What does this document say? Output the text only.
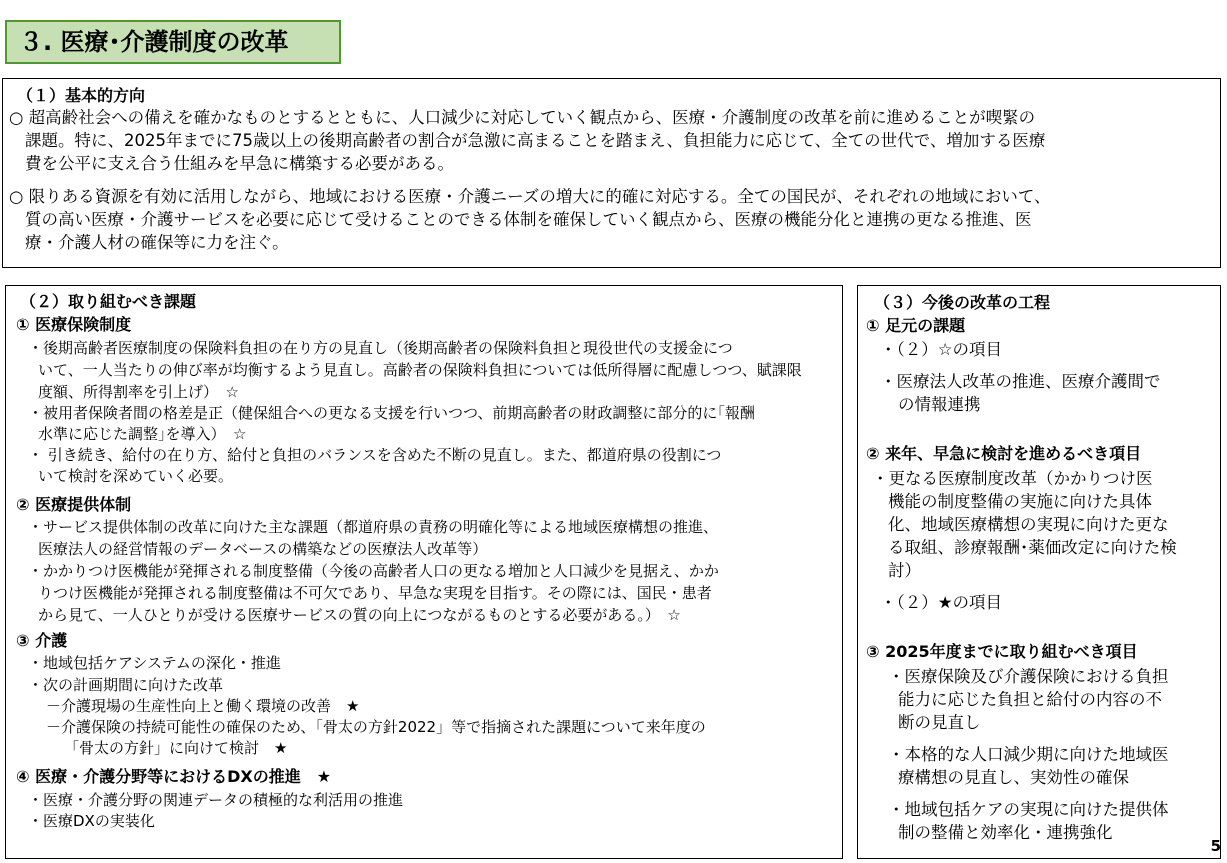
３. 医療･介護制度の改革
（１）基本的方向
○ 超高齢社会への備えを確かなものとするとともに、人口減少に対応していく観点から、医療・介護制度の改革を前に進めることが喫緊の
課題。特に、2025年までに75歳以上の後期高齢者の割合が急激に高まることを踏まえ、負担能力に応じて、全ての世代で、増加する医療
費を公平に支え合う仕組みを早急に構築する必要がある。
○ 限りある資源を有効に活用しながら、地域における医療・介護ニーズの増大に的確に対応する。全ての国民が、それぞれの地域において、
質の高い医療・介護サービスを必要に応じて受けることのできる体制を確保していく観点から、医療の機能分化と連携の更なる推進、医
療・介護人材の確保等に力を注ぐ。
（２）取り組むべき課題
① 医療保険制度
・後期高齢者医療制度の保険料負担の在り方の見直し（後期高齢者の保険料負担と現役世代の支援金につ
いて、一人当たりの伸び率が均衡するよう見直し。高齢者の保険料負担については低所得層に配慮しつつ、賦課限
度額、所得割率を引上げ）　☆
・被用者保険者間の格差是正（健保組合への更なる支援を行いつつ、前期高齢者の財政調整に部分的に｢報酬
水準に応じた調整｣を導入）　☆
・ 引き続き、給付の在り方、給付と負担のバランスを含めた不断の見直し。また、都道府県の役割につ
いて検討を深めていく必要。
② 医療提供体制
・サービス提供体制の改革に向けた主な課題（都道府県の責務の明確化等による地域医療構想の推進、
医療法人の経営情報のデータベースの構築などの医療法人改革等）
・かかりつけ医機能が発揮される制度整備（今後の高齢者人口の更なる増加と人口減少を見据え、かか
りつけ医機能が発揮される制度整備は不可欠であり、早急な実現を目指す。その際には、国民・患者
から見て、一人ひとりが受ける医療サービスの質の向上につながるものとする必要がある。）　☆
③ 介護
・地域包括ケアシステムの深化・推進
・次の計画期間に向けた改革
－介護現場の生産性向上と働く環境の改善　★
－介護保険の持続可能性の確保のため、「骨太の方針2022」等で指摘された課題について来年度の
「骨太の方針」に向けて検討　★
④ 医療・介護分野等におけるDXの推進　★
・医療・介護分野の関連データの積極的な利活用の推進
・医療DXの実装化
（３）今後の改革の工程
① 足元の課題
・（２）☆の項目
・医療法人改革の推進、医療介護間で
の情報連携
② 来年、早急に検討を進めるべき項目
・更なる医療制度改革（かかりつけ医
機能の制度整備の実施に向けた具体
化、地域医療構想の実現に向けた更な
る取組、診療報酬･薬価改定に向けた検
討）
・（２）★の項目
③ 2025年度までに取り組むべき項目
・医療保険及び介護保険における負担
能力に応じた負担と給付の内容の不
断の見直し
・本格的な人口減少期に向けた地域医
療構想の見直し、実効性の確保
・地域包括ケアの実現に向けた提供体
制の整備と効率化・連携強化
5
